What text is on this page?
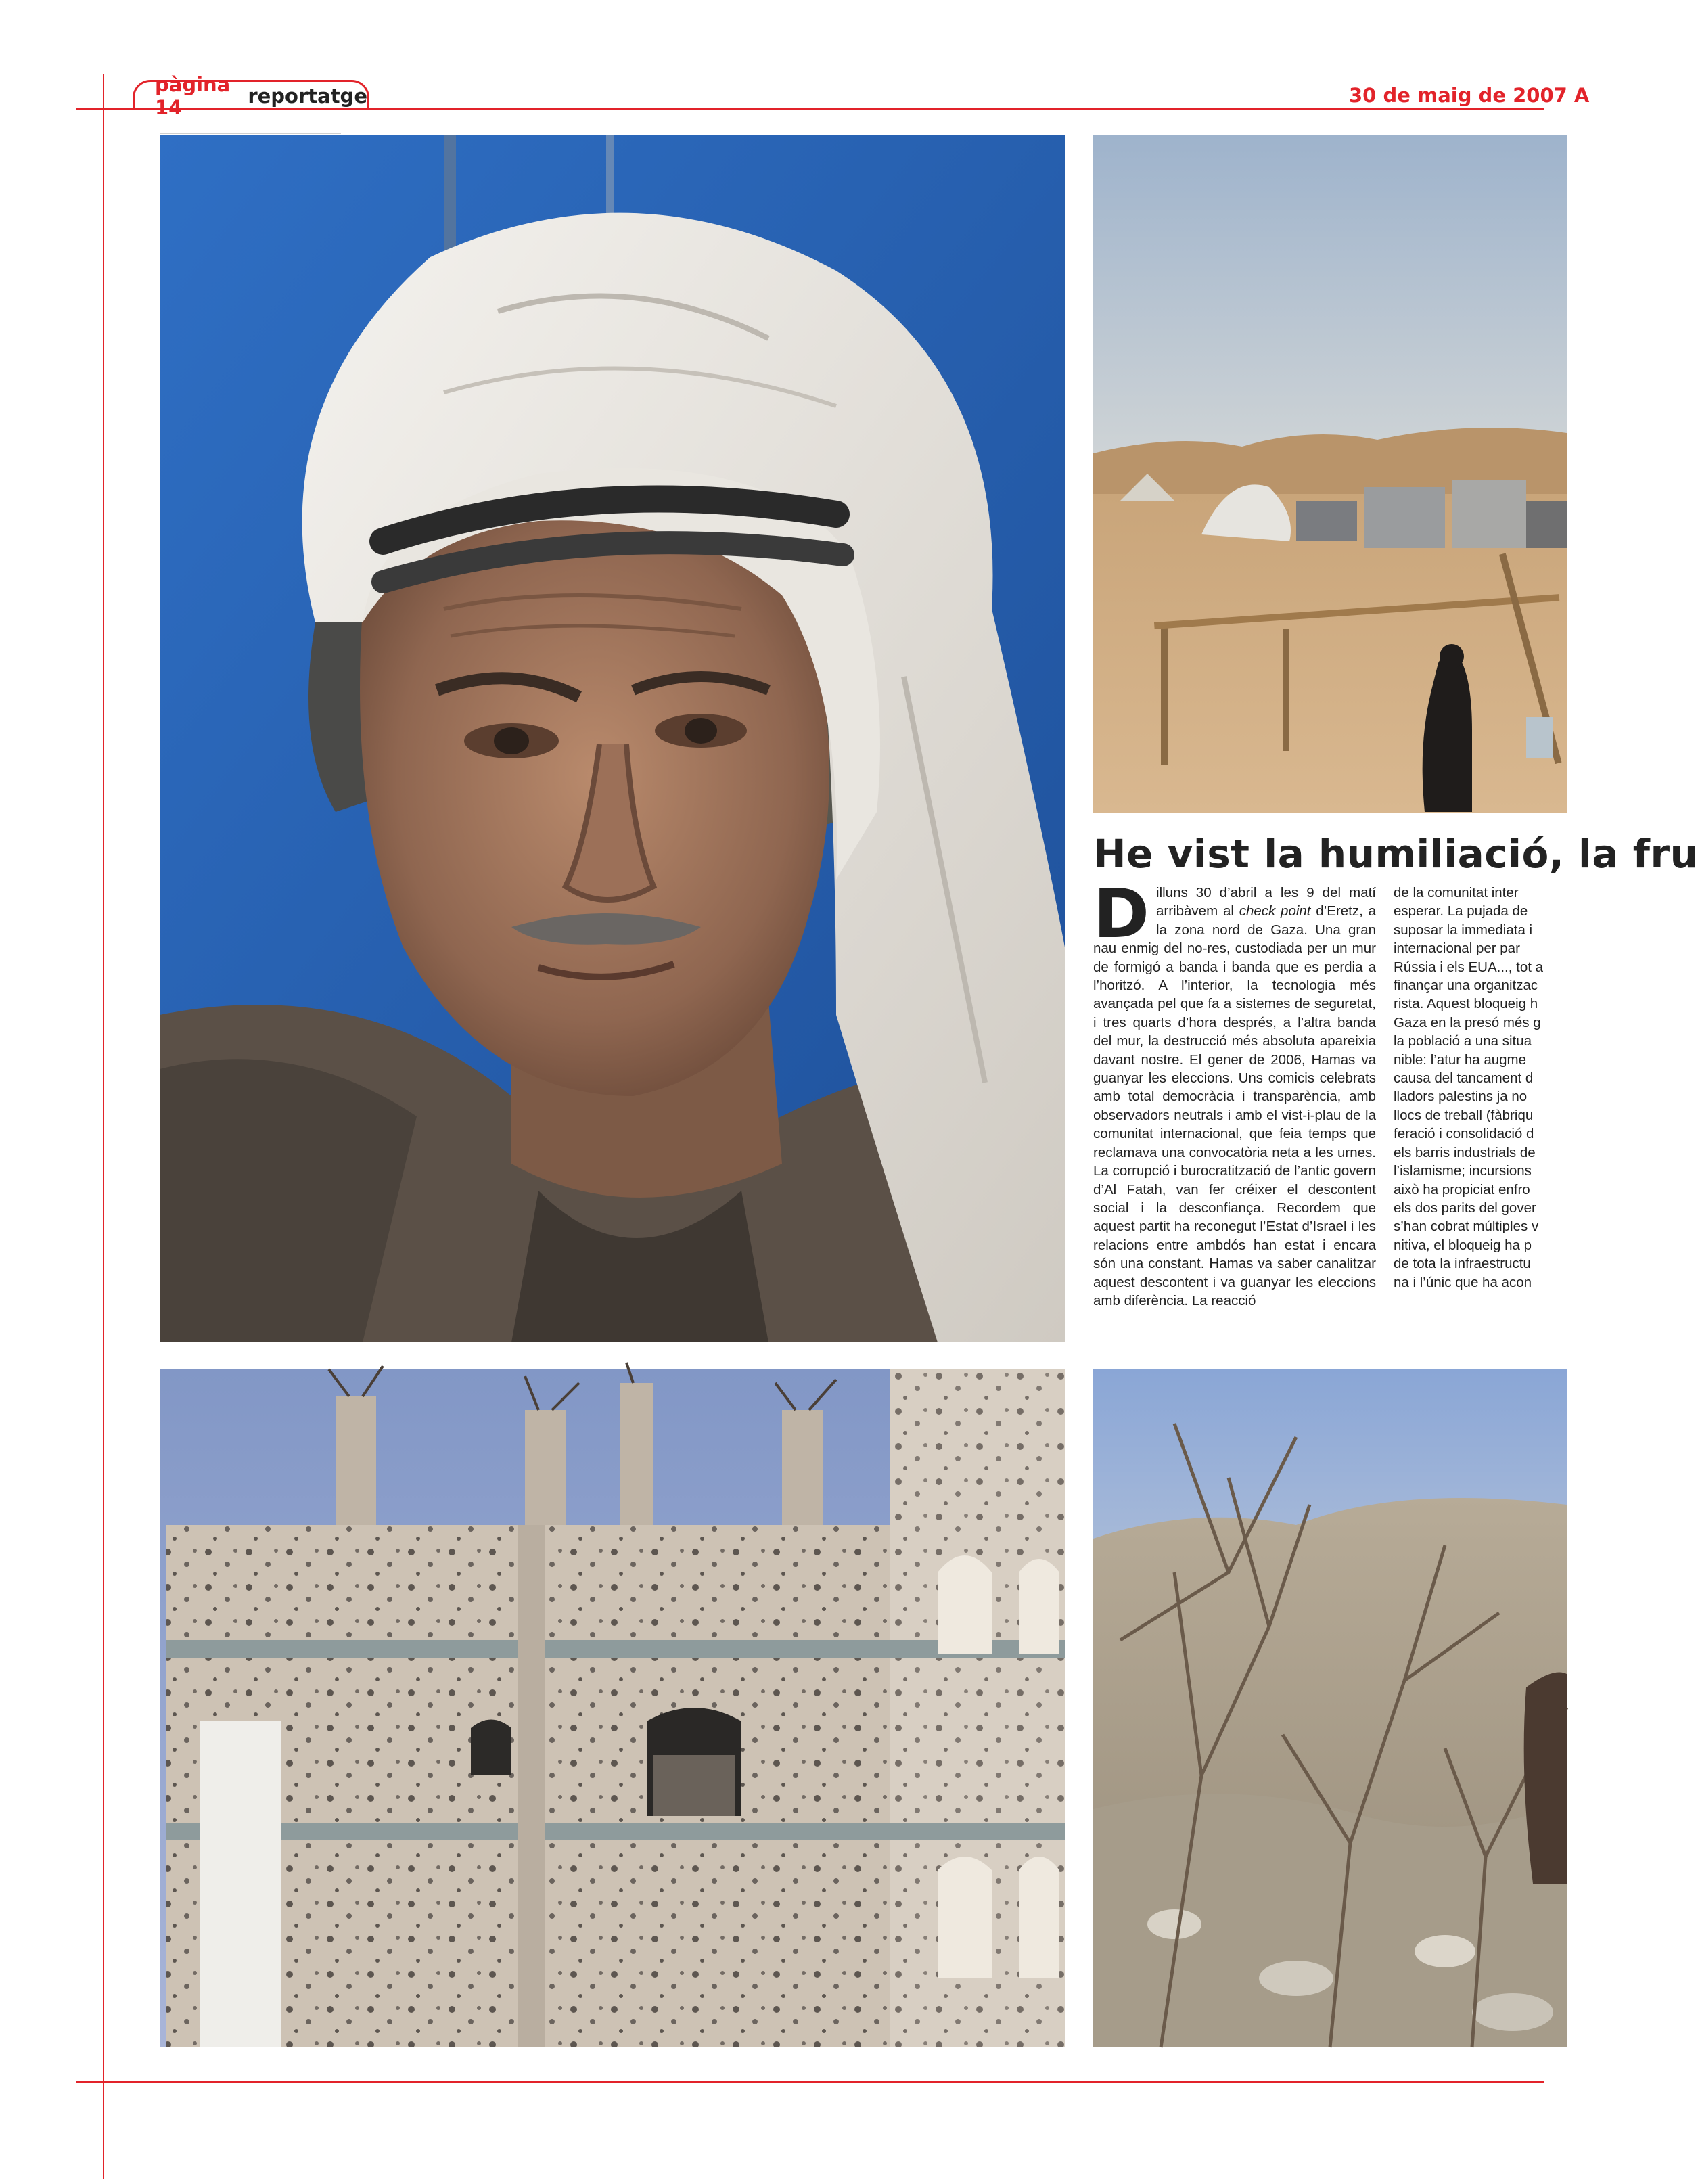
pàgina 14	reportatge	30 de maig de 2007 A
He vist la humiliació, la fru
Dilluns 30 d’abril a les 9 del matí arribàvem al check point d’Eretz, a la zona nord de Gaza. Una gran nau enmig del no-res, custodiada per un mur de formigó a banda i banda que es perdia a l’horitzó. A l’interior, la tecnologia més avançada pel que fa a sistemes de seguretat, i tres quarts d’hora després, a l’altra banda del mur, la destrucció més absoluta apareixia davant nostre. El gener de 2006, Hamas va guanyar les eleccions. Uns comicis celebrats amb total democràcia i transparència, amb observadors neutrals i amb el vist-i-plau de la comunitat internacional, que feia temps que reclamava una convocatòria neta a les urnes. La corrupció i burocratització de l’antic govern d’Al Fatah, van fer créixer el descontent social i la desconfiança. Recordem que aquest partit ha reconegut l’Estat d’Israel i les relacions entre ambdós han estat i encara són una constant. Hamas va saber canalitzar aquest descontent i va guanyar les eleccions amb diferència. La reacció
de la comunitat inter
esperar. La pujada de
suposar la immediata i
internacional per par
Rússia i els EUA..., tot a
finançar una organitzac
rista. Aquest bloqueig h
Gaza en la presó més g
la població a una situa
nible: l’atur ha augme
causa del tancament d
lladors palestins ja no
llocs de treball (fàbriqu
feració i consolidació d
els barris industrials de
l’islamisme; incursions
això ha propiciat enfro
els dos parits del gover
s’han cobrat múltiples v
nitiva, el bloqueig ha p
de tota la infraestructu
na i l’únic que ha acon
